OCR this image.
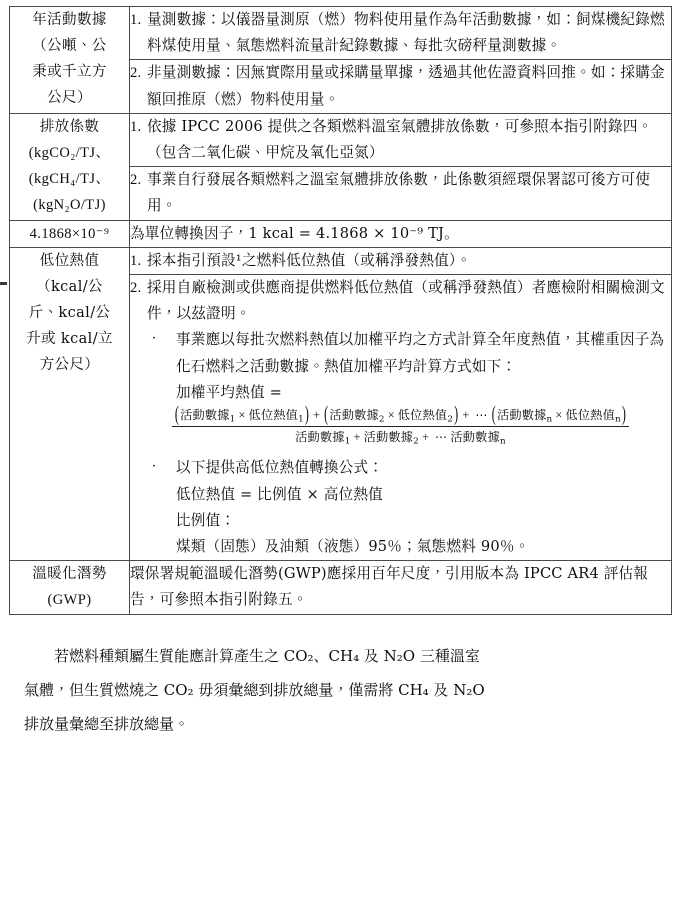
年活動數據
（公噸、公
秉或千立方
公尺）	1. 量測數據：以儀器量測原（燃）物料使用量作為年活動數據，如：飼煤機紀錄燃料煤使用量、氣態燃料流量計紀錄數據、每批次磅秤量測數據。

	2. 非量測數據：因無實際用量或採購量單據，透過其他佐證資料回推。如：採購金額回推原（燃）物料使用量。

排放係數
(kgCO₂/TJ、
(kgCH₄/TJ、
(kgN₂O/TJ)	1. 依據 IPCC 2006 提供之各類燃料溫室氣體排放係數，可參照本指引附錄四。（包含二氧化碳、甲烷及氧化亞氮）

	2. 事業自行發展各類燃料之溫室氣體排放係數，此係數須經環保署認可後方可使用。

4.1868×10⁻⁹	為單位轉換因子，1 kcal = 4.1868 × 10⁻⁹ TJ。

低位熱值
（kcal/公
斤、kcal/公
升或 kcal/立
方公尺）	1. 採本指引預設¹之燃料低位熱值（或稱淨發熱值）。

2. 採用自廠檢測或供應商提供燃料低位熱值（或稱淨發熱值）者應檢附相關檢測文件，以茲證明。
· 事業應以每批次燃料熱值以加權平均之方式計算全年度熱值，其權重因子為化石燃料之活動數據。熱值加權平均計算方式如下：
加權平均熱值 =
$\frac{(活動數據_1 \times 低位熱值_1) + (活動數據_2 \times 低位熱值_2) + \cdots (活動數據_n \times 低位熱值_n)}{活動數據_1 + 活動數據_2 + \cdots 活動數據_n}$
· 以下提供高低位熱值轉換公式：
低位熱值 = 比例值 × 高位熱值
比例值：
煤類（固態）及油類（液態）95％；氣態燃料 90％。

溫暖化潛勢
(GWP)	環保署規範溫暖化潛勢(GWP)應採用百年尺度，引用版本為 IPCC AR4 評估報告，可參照本指引附錄五。

若燃料種類屬生質能應計算產生之 CO₂、CH₄ 及 N₂O 三種溫室

氣體，但生質燃燒之 CO₂ 毋須彙總到排放總量，僅需將 CH₄ 及 N₂O

排放量彙總至排放總量。
